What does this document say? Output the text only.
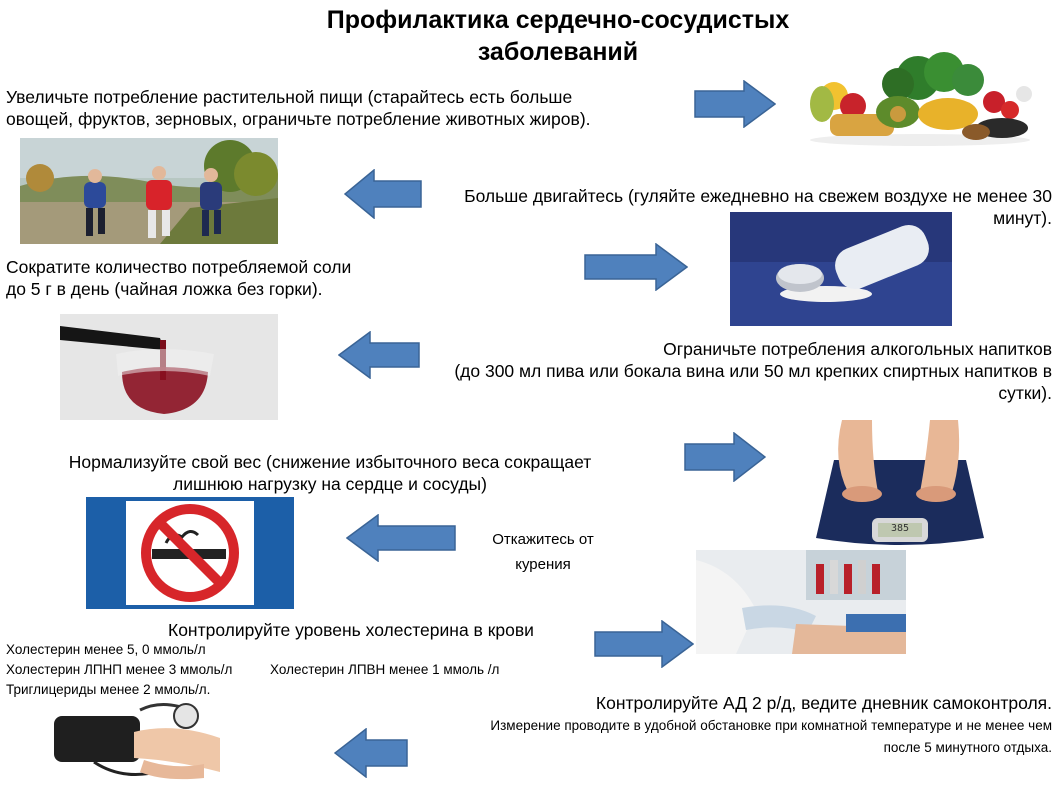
Профилактика сердечно-сосудистых
заболеваний
Увеличьте потребление растительной пищи (старайтесь есть больше
овощей, фруктов, зерновых, ограничьте потребление животных жиров).
Больше двигайтесь (гуляйте ежедневно на свежем воздухе не менее 30
минут).
Сократите количество потребляемой соли
до 5 г в день (чайная ложка без горки).
Ограничьте потребления алкогольных напитков
(до 300 мл пива или бокала вина или 50 мл крепких спиртных напитков в
сутки).
Нормализуйте свой вес (снижение избыточного веса сокращает
лишнюю нагрузку на сердце и сосуды)
385
Откажитесь от
курения
Контролируйте уровень холестерина в крови
Холестерин менее 5, 0 ммоль/л
Холестерин ЛПНП менее 3 ммоль/л	Холестерин ЛПВН менее 1 ммоль /л
Триглицериды менее 2 ммоль/л.
Контролируйте АД 2 р/д, ведите дневник самоконтроля.
Измерение проводите в удобной обстановке при комнатной температуре и не менее чем
после 5 минутного отдыха.
